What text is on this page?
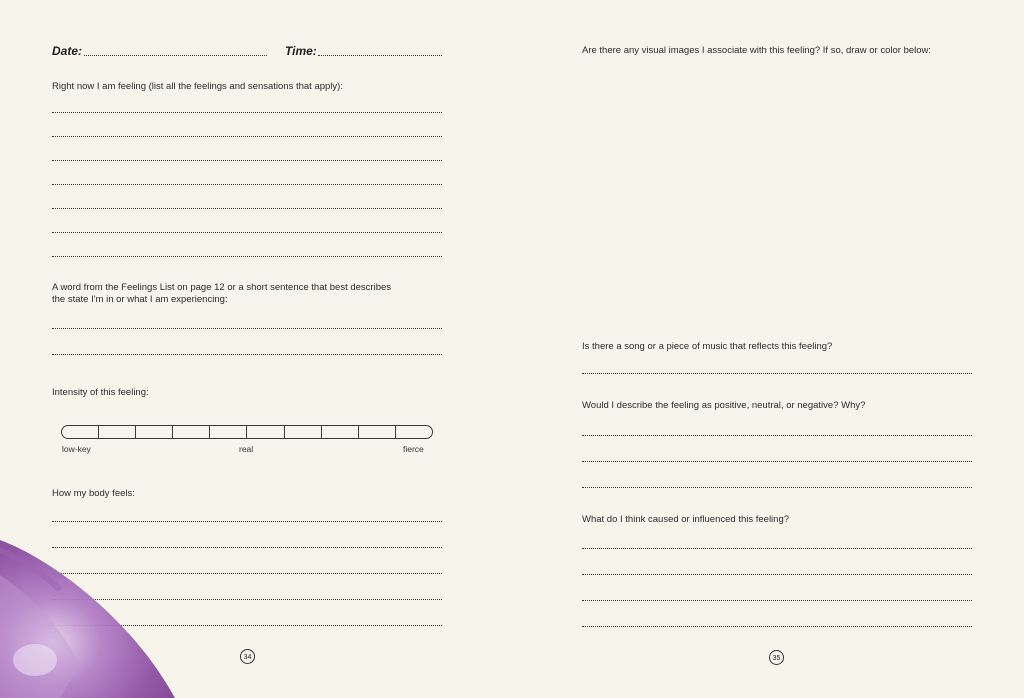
Date:	Time:
Right now I am feeling (list all the feelings and sensations that apply):
A word from the Feelings List on page 12 or a short sentence that best describes
the state I'm in or what I am experiencing:
Intensity of this feeling:
low-key	real	fierce
How my body feels:
34
Are there any visual images I associate with this feeling? If so, draw or color below:
Is there a song or a piece of music that reflects this feeling?
Would I describe the feeling as positive, neutral, or negative? Why?
What do I think caused or influenced this feeling?
35
